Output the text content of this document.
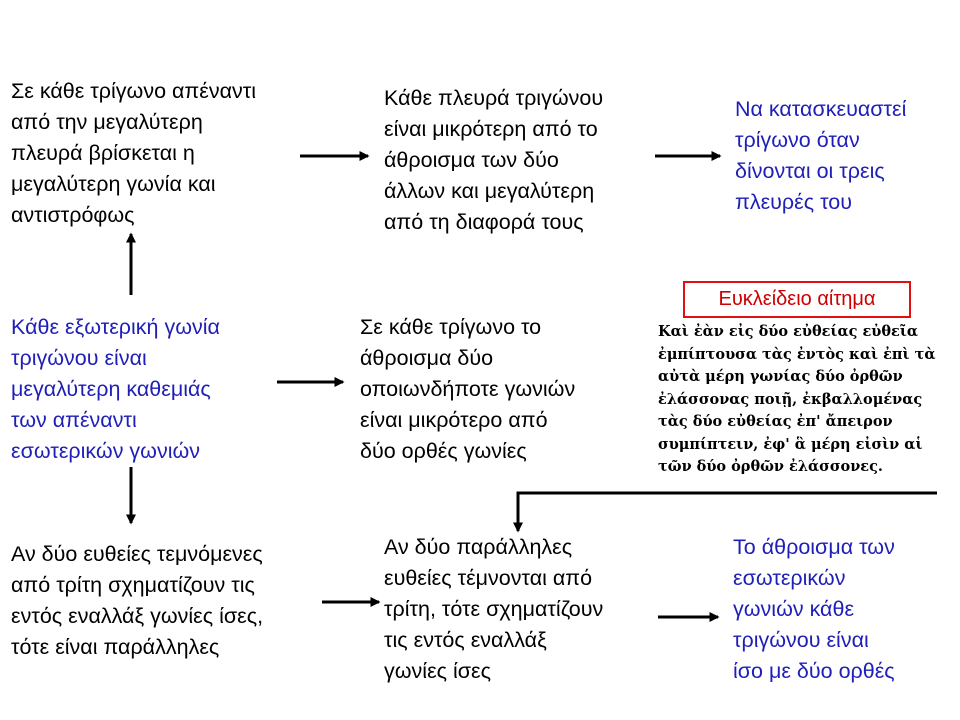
Σε κάθε τρίγωνο απέναντι
από την μεγαλύτερη
πλευρά βρίσκεται η
μεγαλύτερη γωνία και
αντιστρόφως

Κάθε πλευρά τριγώνου
είναι μικρότερη από το
άθροισμα των δύο
άλλων και μεγαλύτερη
από τη διαφορά τους

Να κατασκευαστεί
τρίγωνο όταν
δίνονται οι τρεις
πλευρές του

Κάθε εξωτερική γωνία
τριγώνου είναι
μεγαλύτερη καθεμιάς
των απέναντι
εσωτερικών γωνιών

Σε κάθε τρίγωνο το
άθροισμα δύο
οποιωνδήποτε γωνιών
είναι μικρότερο από
δύο ορθές γωνίες

Ευκλείδειο αίτημα

Καὶ ἐὰν εἰς δύο εὐθείας εὐθεῖα
ἐμπίπτουσα τὰς ἐντὸς καὶ ἐπὶ τὰ
αὐτὰ μέρη γωνίας δύο ὀρθῶν
ἐλάσσονας ποιῇ, ἐκβαλλομένας
τὰς δύο εὐθείας ἐπ' ἄπειρον
συμπίπτειν, ἐφ' ἃ μέρη εἰσὶν αἱ
τῶν δύο ὀρθῶν ἐλάσσονες.

Αν δύο ευθείες τεμνόμενες
από τρίτη σχηματίζουν τις
εντός εναλλάξ γωνίες ίσες,
τότε είναι παράλληλες

Αν δύο παράλληλες
ευθείες τέμνονται από
τρίτη, τότε σχηματίζουν
τις εντός εναλλάξ
γωνίες ίσες

Το άθροισμα των
εσωτερικών
γωνιών κάθε
τριγώνου είναι
ίσο με δύο ορθές
